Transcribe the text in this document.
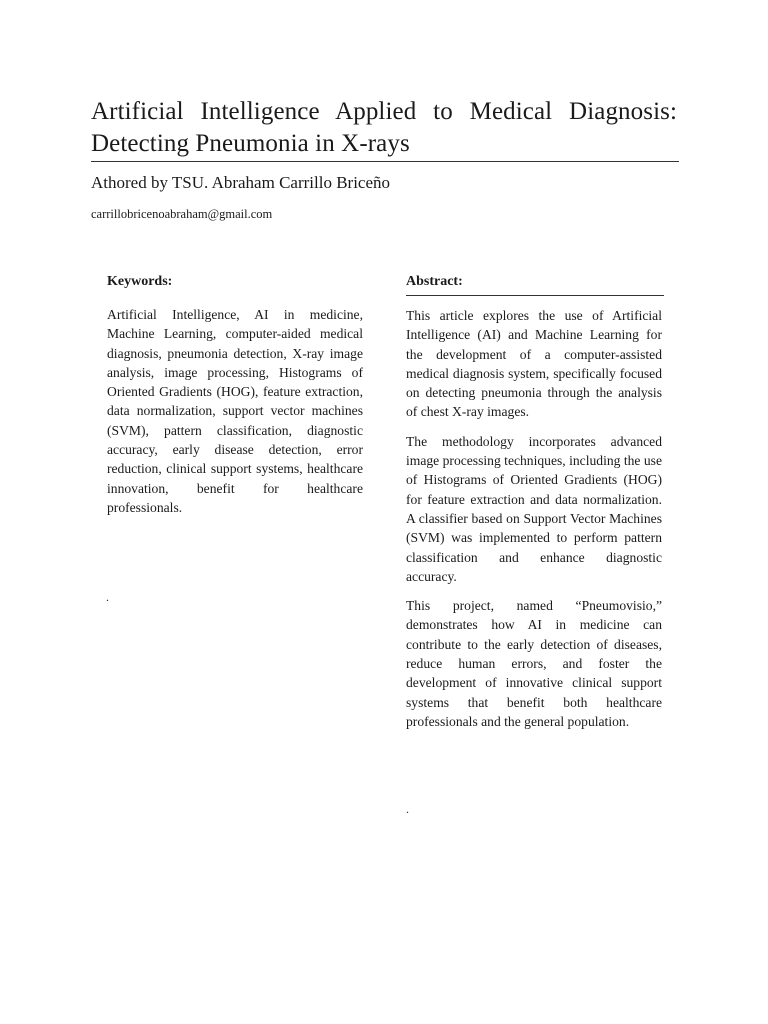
Artificial Intelligence Applied to Medical Diagnosis: Detecting Pneumonia in X-rays
Athored by TSU. Abraham Carrillo Briceño
carrillobricenoabraham@gmail.com
Keywords:

Artificial Intelligence, AI in medicine, Machine Learning, computer-aided medical diagnosis, pneumonia detection, X-ray image analysis, image processing, Histograms of Oriented Gradients (HOG), feature extraction, data normalization, support vector machines (SVM), pattern classification, diagnostic accuracy, early disease detection, error reduction, clinical support systems, healthcare innovation, benefit for healthcare professionals.

.
Abstract:

This article explores the use of Artificial Intelligence (AI) and Machine Learning for the development of a computer-assisted medical diagnosis system, specifically focused on detecting pneumonia through the analysis of chest X-ray images.

The methodology incorporates advanced image processing techniques, including the use of Histograms of Oriented Gradients (HOG) for feature extraction and data normalization. A classifier based on Support Vector Machines (SVM) was implemented to perform pattern classification and enhance diagnostic accuracy.

This project, named “Pneumovisio,” demonstrates how AI in medicine can contribute to the early detection of diseases, reduce human errors, and foster the development of innovative clinical support systems that benefit both healthcare professionals and the general population.

.
